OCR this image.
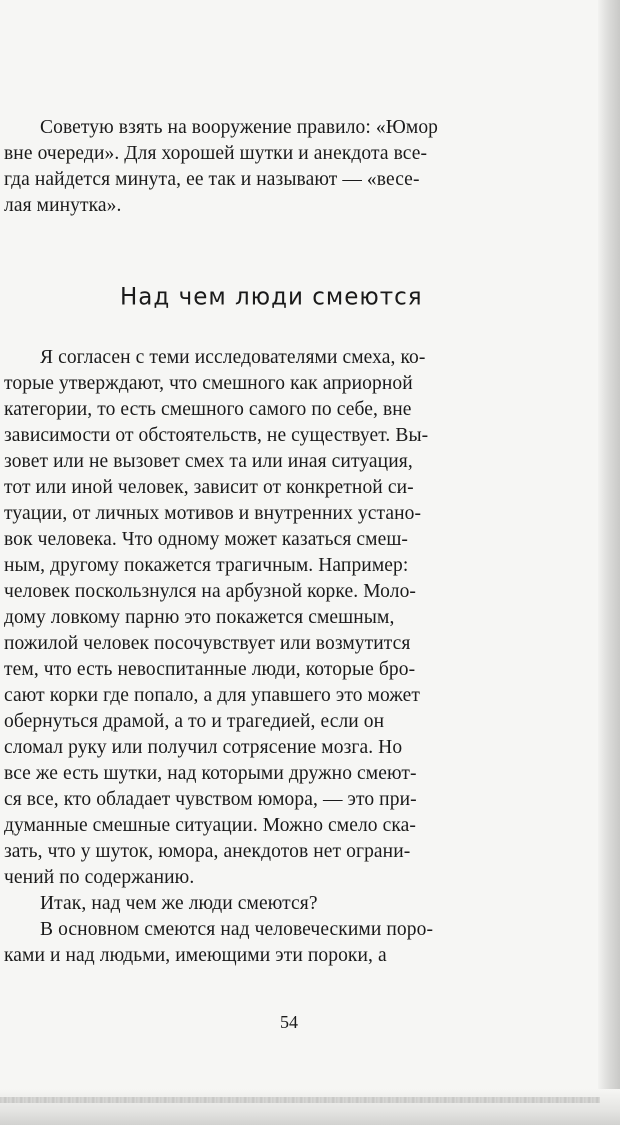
Советую взять на вооружение правило: «Юмор
вне очереди». Для хорошей шутки и анекдота все-
гда найдется минута, ее так и называют — «весе-
лая минутка».
Над чем люди смеются
Я согласен с теми исследователями смеха, ко-
торые утверждают, что смешного как априорной
категории, то есть смешного самого по себе, вне
зависимости от обстоятельств, не существует. Вы-
зовет или не вызовет смех та или иная ситуация,
тот или иной человек, зависит от конкретной си-
туации, от личных мотивов и внутренних устано-
вок человека. Что одному может казаться смеш-
ным, другому покажется трагичным. Например:
человек поскользнулся на арбузной корке. Моло-
дому ловкому парню это покажется смешным,
пожилой человек посочувствует или возмутится
тем, что есть невоспитанные люди, которые бро-
сают корки где попало, а для упавшего это может
обернуться драмой, а то и трагедией, если он
сломал руку или получил сотрясение мозга. Но
все же есть шутки, над которыми дружно смеют-
ся все, кто обладает чувством юмора, — это при-
думанные смешные ситуации. Можно смело ска-
зать, что у шуток, юмора, анекдотов нет ограни-
чений по содержанию.
Итак, над чем же люди смеются?
В основном смеются над человеческими поро-
ками и над людьми, имеющими эти пороки, а
54
